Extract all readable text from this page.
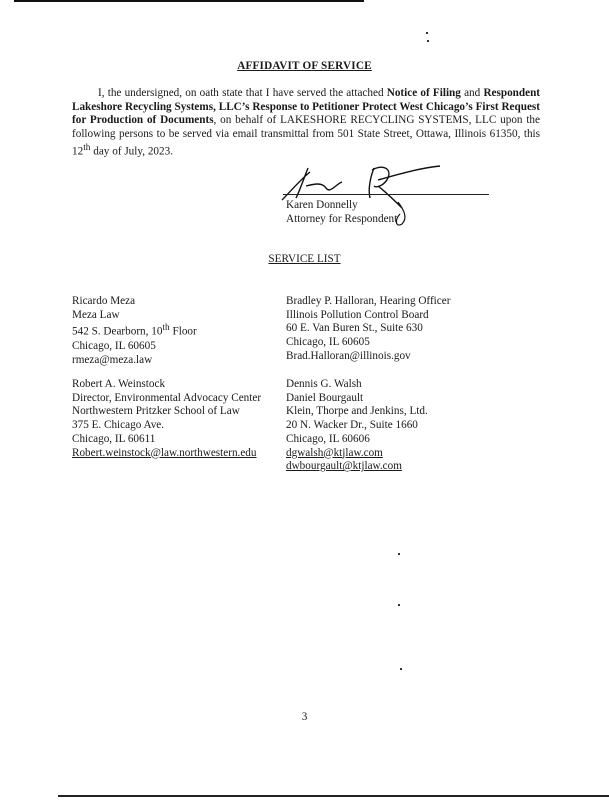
AFFIDAVIT OF SERVICE
I, the undersigned, on oath state that I have served the attached Notice of Filing and Respondent Lakeshore Recycling Systems, LLC’s Response to Petitioner Protect West Chicago’s First Request for Production of Documents, on behalf of LAKESHORE RECYCLING SYSTEMS, LLC upon the following persons to be served via email transmittal from 501 State Street, Ottawa, Illinois 61350, this 12th day of July, 2023.
Karen Donnelly
Attorney for Respondent
SERVICE LIST
Ricardo Meza
Meza Law
542 S. Dearborn, 10th Floor
Chicago, IL 60605
rmeza@meza.law
Robert A. Weinstock
Director, Environmental Advocacy Center
Northwestern Pritzker School of Law
375 E. Chicago Ave.
Chicago, IL 60611
Robert.weinstock@law.northwestern.edu
Bradley P. Halloran, Hearing Officer
Illinois Pollution Control Board
60 E. Van Buren St., Suite 630
Chicago, IL 60605
Brad.Halloran@illinois.gov
Dennis G. Walsh
Daniel Bourgault
Klein, Thorpe and Jenkins, Ltd.
20 N. Wacker Dr., Suite 1660
Chicago, IL 60606
dgwalsh@ktjlaw.com
dwbourgault@ktjlaw.com
3
